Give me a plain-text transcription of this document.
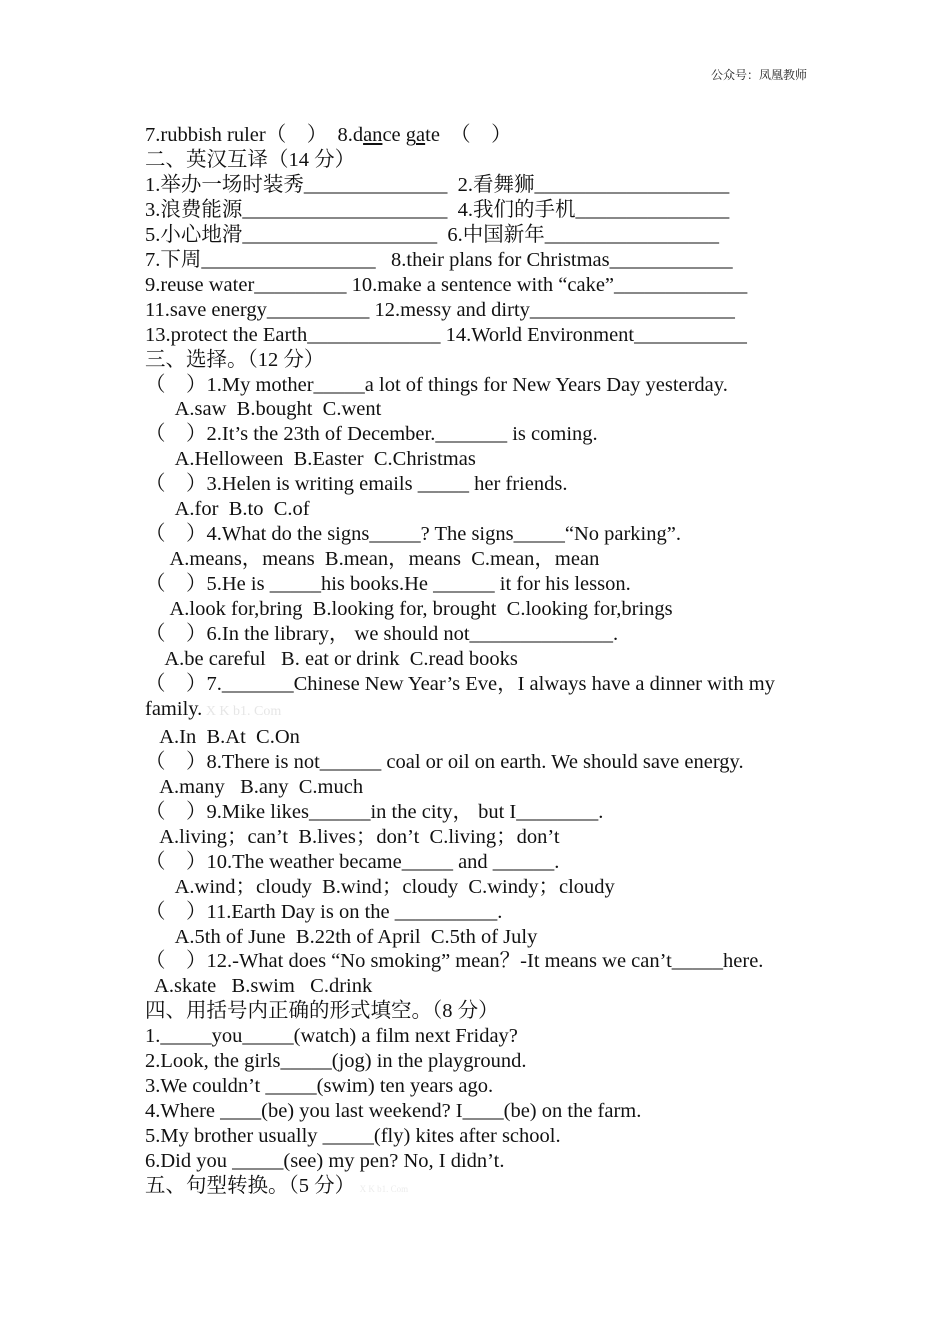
公众号：凤凰教师

7.rubbish ruler（　）  8.dance gate　（　）

二、英汉互译（14 分）

1.举办一场时装秀______________  2.看舞狮___________________

3.浪费能源____________________  4.我们的手机_______________

5.小心地滑___________________  6.中国新年_________________

7.下周_________________   8.their plans for Christmas____________

9.reuse water_________ 10.make a sentence with “cake”_____________

11.save energy__________ 12.messy and dirty____________________

13.protect the Earth_____________ 14.World Environment___________

三、选择。（12 分）

（　）1.My mother_____a lot of things for New Years Day yesterday.

A.saw  B.bought  C.went

（　）2.It’s the 23th of December._______ is coming.

A.Helloween  B.Easter  C.Christmas

（　）3.Helen is writing emails _____ her friends.

A.for  B.to  C.of

（　）4.What do the signs_____? The signs_____“No parking”.

A.means，means  B.mean，means  C.mean，mean

（　）5.He is _____his books.He ______ it for his lesson.

A.look for,bring  B.looking for, brought  C.looking for,brings

（　）6.In the library， we should not______________.

A.be careful   B. eat or drink  C.read books

（　）7._______Chinese New Year’s Eve，I always have a dinner with my family. X K b1. Com

A.In  B.At  C.On

（　）8.There is not______ coal or oil on earth. We should save energy.

A.many   B.any  C.much

（　）9.Mike likes______in the city， but I________.

A.living；can’t  B.lives；don’t  C.living；don’t

（　）10.The weather became_____ and ______.

A.wind；cloudy  B.wind；cloudy  C.windy；cloudy

（　）11.Earth Day is on the __________.

A.5th of June  B.22th of April  C.5th of July

（　）12.-What does “No smoking” mean？-It means we can’t_____here.

A.skate   B.swim   C.drink

四、用括号内正确的形式填空。（8 分）

1._____you_____(watch) a film next Friday?

2.Look, the girls_____(jog) in the playground.

3.We couldn’t _____(swim) ten years ago.

4.Where ____(be) you last weekend? I____(be) on the farm.

5.My brother usually _____(fly) kites after school.

6.Did you _____(see) my pen? No, I didn’t.

五、句型转换。（5 分）  X K b1. Com
